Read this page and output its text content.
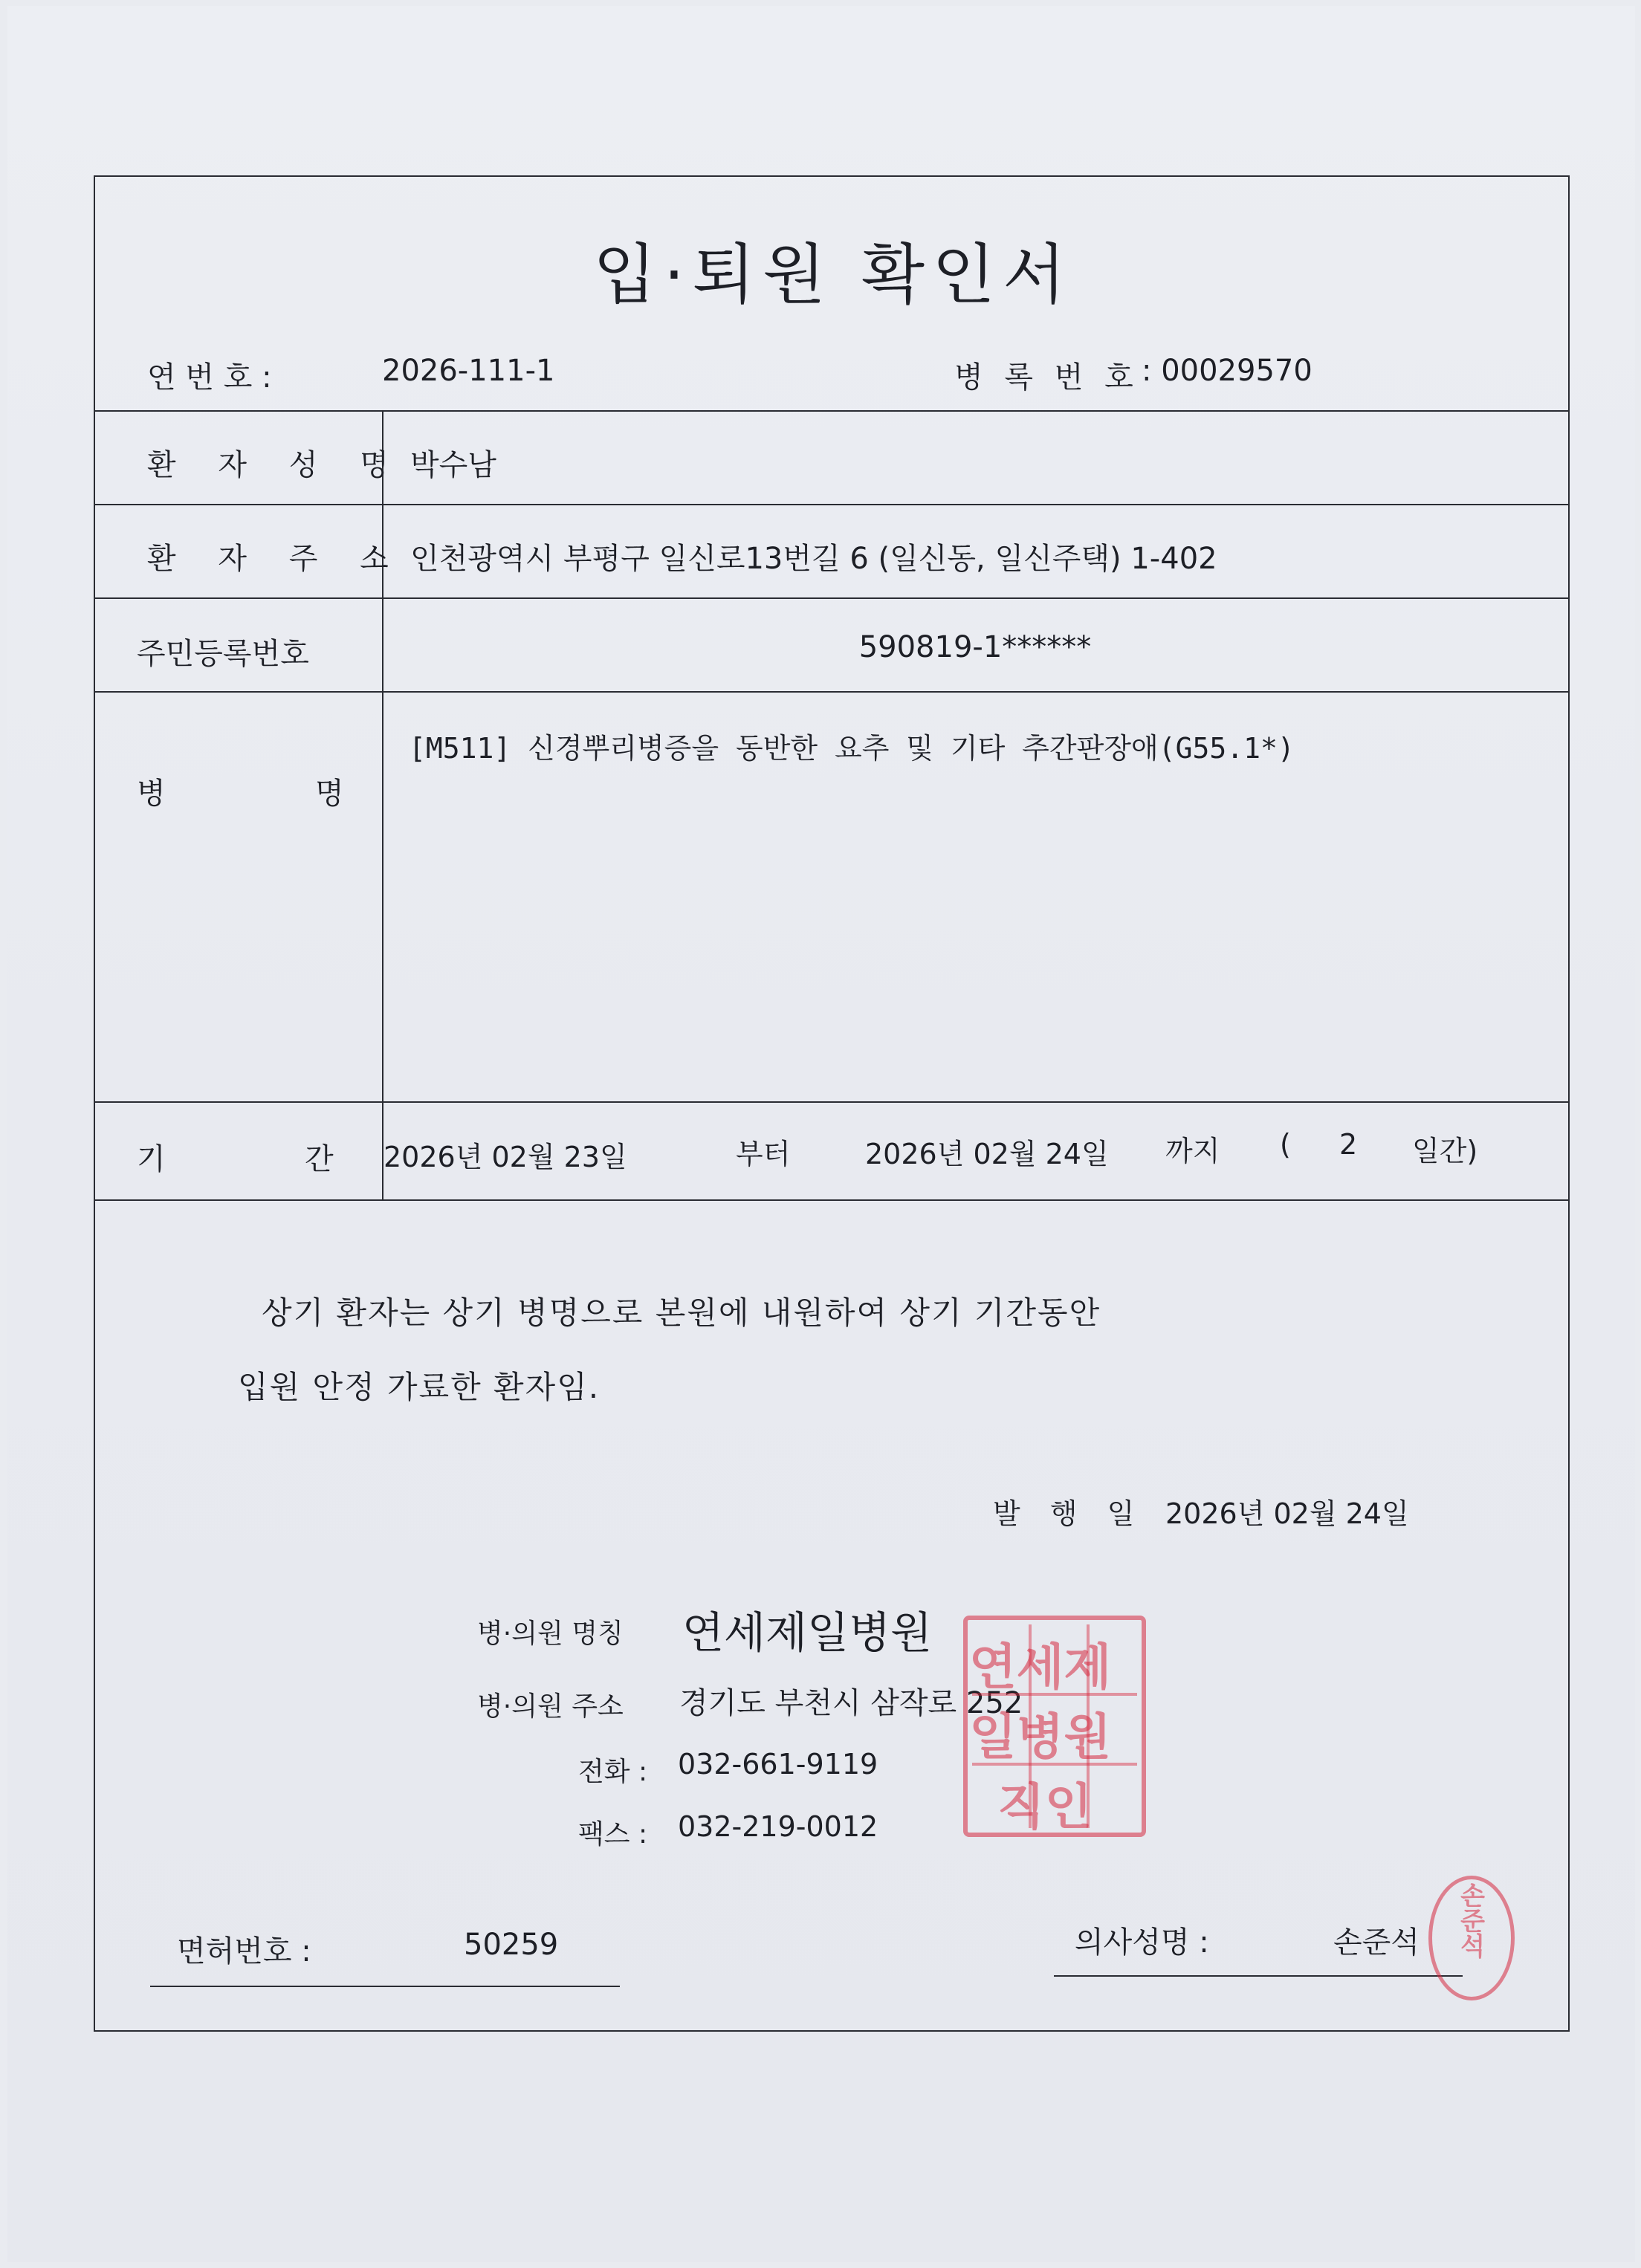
입·퇴원 확인서
연 번 호 :	2026-111-1	병 록 번 호 : 00029570
환 자 성 명 박수남
환 자 주 소 인천광역시 부평구 일신로13번길 6 (일신동, 일신주택) 1-402
주민등록번호	590819-1******
병	명
[M511] 신경뿌리병증을 동반한 요추 및 기타 추간판장애(G55.1*)
기	간 2026년 02월 23일	부터	2026년 02월 24일 까지 ( 2 일간)
상기 환자는 상기 병명으로 본원에 내원하여 상기 기간동안
입원 안정 가료한 환자임.
발 행 일 2026년 02월 24일
병·의원 명칭 연세제일병원
병·의원 주소 경기도 부천시 삼작로 252
전화 : 032-661-9119
팩스 : 032-219-0012
연세제
일병원
직인
면허번호 :	50259	의사성명 :	손준석 손준석
